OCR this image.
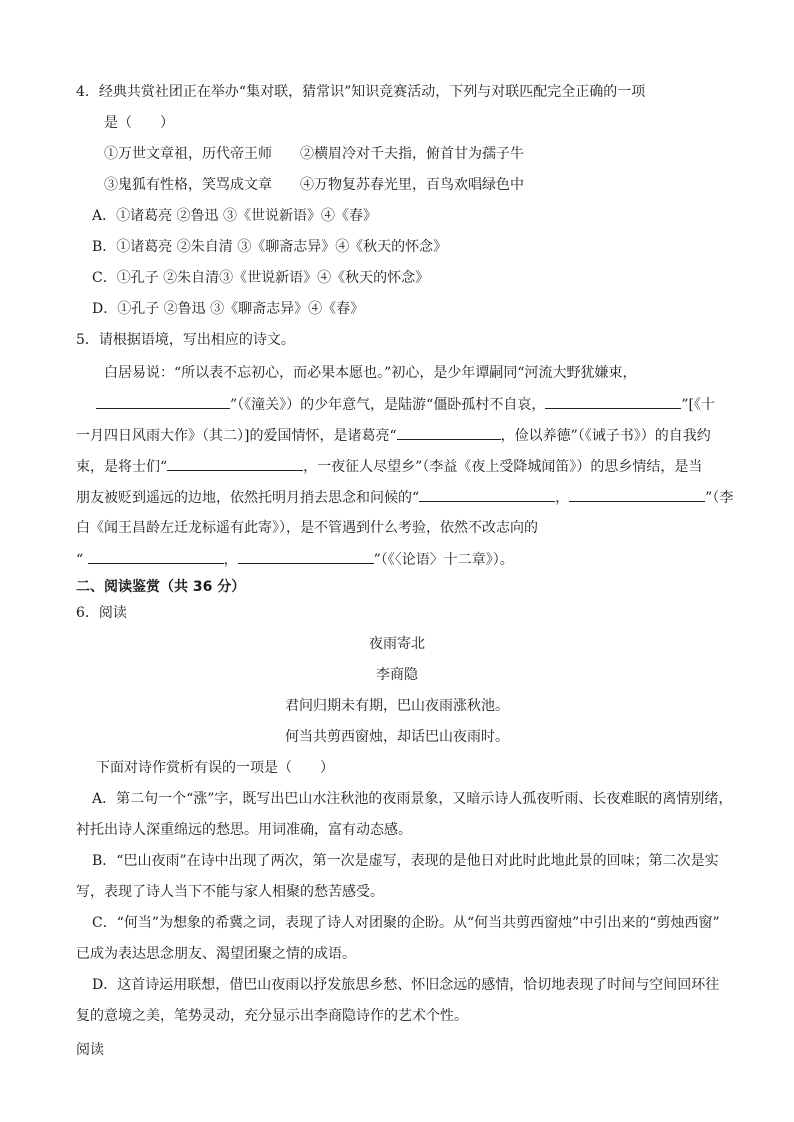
4．经典共赏社团正在举办“集对联，猜常识”知识竞赛活动，下列与对联匹配完全正确的一项
是（　　）
①万世文章祖，历代帝王师 ②横眉冷对千夫指，俯首甘为孺子牛
③鬼狐有性格，笑骂成文章 ④万物复苏春光里，百鸟欢唱绿色中
A．①诸葛亮 ②鲁迅 ③《世说新语》④《春》
B．①诸葛亮 ②朱自清 ③《聊斋志异》④《秋天的怀念》
C．①孔子 ②朱自清③《世说新语》④《秋天的怀念》
D．①孔子 ②鲁迅 ③《聊斋志异》④《春》
5．请根据语境，写出相应的诗文。
白居易说：“所以表不忘初心，而必果本愿也。”初心，是少年谭嗣同“河流大野犹嫌束，
”（《潼关》）的少年意气，是陆游“僵卧孤村不自哀，	”[《十
一月四日风雨大作》（其二）]的爱国情怀，是诸葛亮“	，俭以养德”（《诫子书》）的自我约
束，是将士们“	，一夜征人尽望乡”（李益《夜上受降城闻笛》）的思乡情结，是当
朋友被贬到遥远的边地，依然托明月捎去思念和问候的“	，	”（李
白《闻王昌龄左迁龙标遥有此寄》），是不管遇到什么考验，依然不改志向的
“	，	”（《〈论语〉十二章》）。
二、阅读鉴赏（共 36 分）
6．阅读
夜雨寄北
李商隐
君问归期未有期，巴山夜雨涨秋池。
何当共剪西窗烛，却话巴山夜雨时。
下面对诗作赏析有误的一项是（　　）
A．第二句一个“涨”字，既写出巴山水注秋池的夜雨景象，又暗示诗人孤夜听雨、长夜难眠的离情别绪，
衬托出诗人深重绵远的愁思。用词准确，富有动态感。
B．“巴山夜雨”在诗中出现了两次，第一次是虚写，表现的是他日对此时此地此景的回味；第二次是实
写，表现了诗人当下不能与家人相聚的愁苦感受。
C．“何当”为想象的希冀之词，表现了诗人对团聚的企盼。从“何当共剪西窗烛”中引出来的“剪烛西窗”
已成为表达思念朋友、渴望团聚之情的成语。
D．这首诗运用联想，借巴山夜雨以抒发旅思乡愁、怀旧念远的感情，恰切地表现了时间与空间回环往
复的意境之美，笔势灵动，充分显示出李商隐诗作的艺术个性。
阅读
